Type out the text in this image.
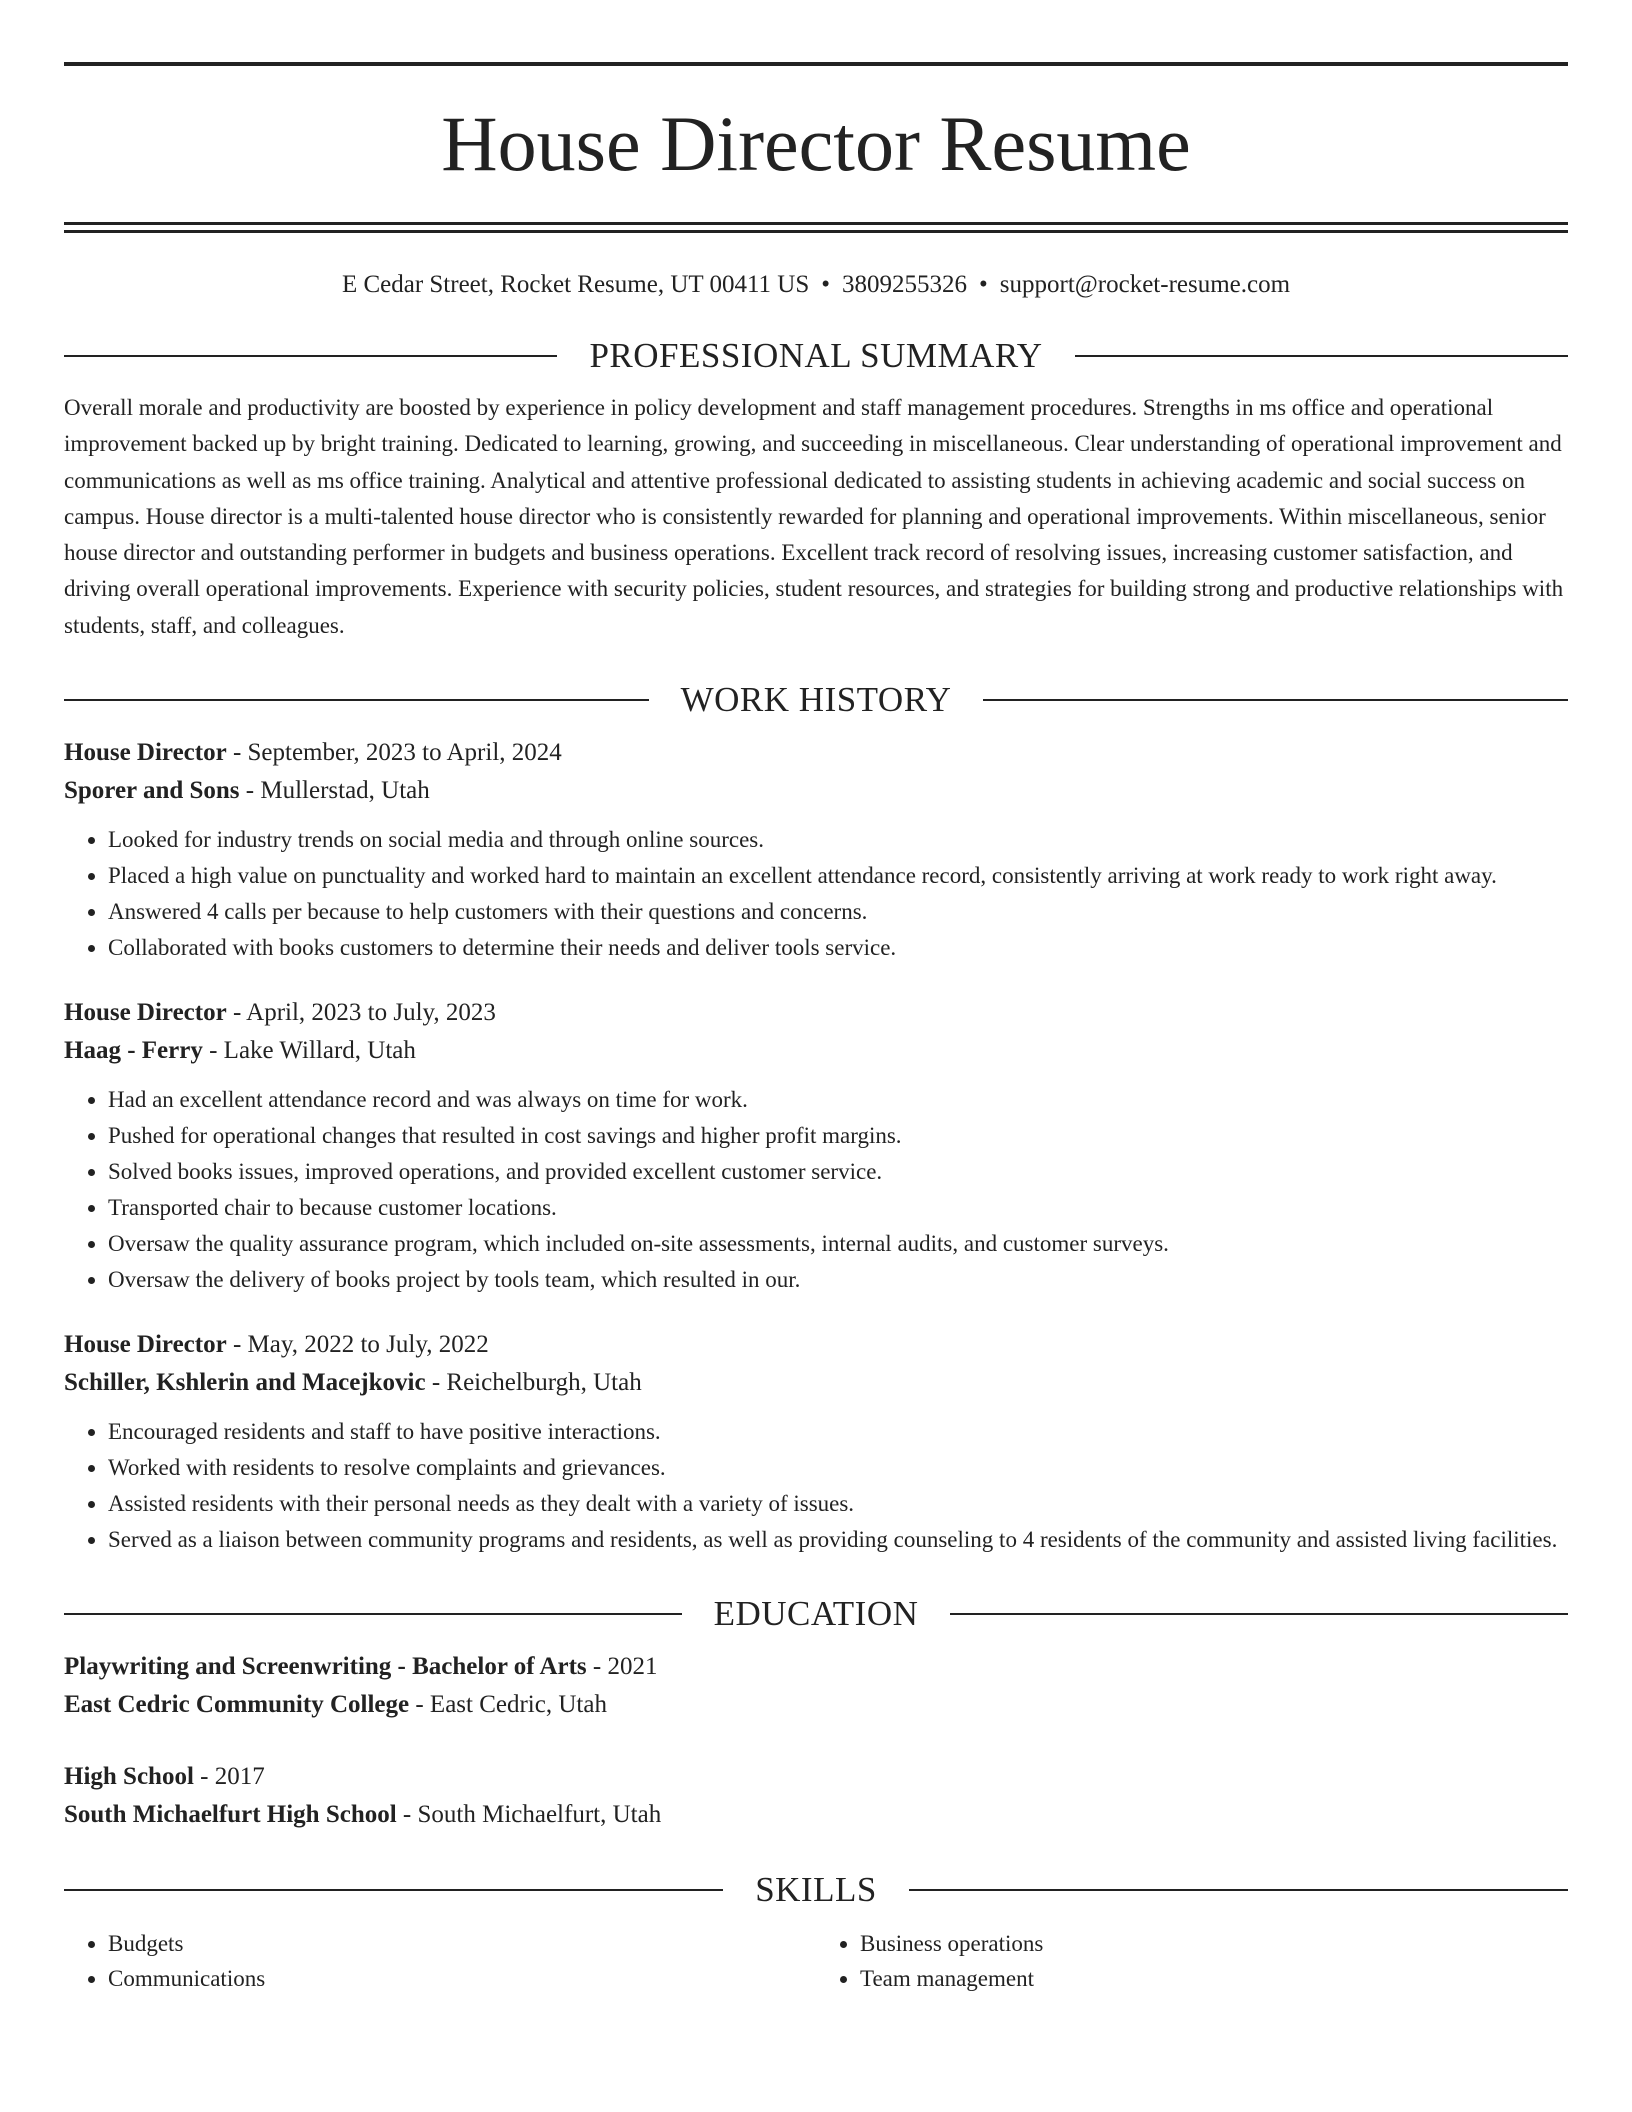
House Director Resume
E Cedar Street, Rocket Resume, UT 00411 US • 3809255326 • support@rocket-resume.com
PROFESSIONAL SUMMARY

Overall morale and productivity are boosted by experience in policy development and staff management procedures. Strengths in ms office and operational improvement backed up by bright training. Dedicated to learning, growing, and succeeding in miscellaneous. Clear understanding of operational improvement and communications as well as ms office training. Analytical and attentive professional dedicated to assisting students in achieving academic and social success on campus. House director is a multi-talented house director who is consistently rewarded for planning and operational improvements. Within miscellaneous, senior house director and outstanding performer in budgets and business operations. Excellent track record of resolving issues, increasing customer satisfaction, and driving overall operational improvements. Experience with security policies, student resources, and strategies for building strong and productive relationships with students, staff, and colleagues.

WORK HISTORY
House Director - September, 2023 to April, 2024
Sporer and Sons - Mullerstad, Utah
• Looked for industry trends on social media and through online sources.
• Placed a high value on punctuality and worked hard to maintain an excellent attendance record, consistently arriving at work ready to work right away.
• Answered 4 calls per because to help customers with their questions and concerns.
• Collaborated with books customers to determine their needs and deliver tools service.
House Director - April, 2023 to July, 2023
Haag - Ferry - Lake Willard, Utah
• Had an excellent attendance record and was always on time for work.
• Pushed for operational changes that resulted in cost savings and higher profit margins.
• Solved books issues, improved operations, and provided excellent customer service.
• Transported chair to because customer locations.
• Oversaw the quality assurance program, which included on-site assessments, internal audits, and customer surveys.
• Oversaw the delivery of books project by tools team, which resulted in our.
House Director - May, 2022 to July, 2022
Schiller, Kshlerin and Macejkovic - Reichelburgh, Utah
• Encouraged residents and staff to have positive interactions.
• Worked with residents to resolve complaints and grievances.
• Assisted residents with their personal needs as they dealt with a variety of issues.
• Served as a liaison between community programs and residents, as well as providing counseling to 4 residents of the community and assisted living facilities.
EDUCATION
Playwriting and Screenwriting - Bachelor of Arts - 2021
East Cedric Community College - East Cedric, Utah
High School - 2017
South Michaelfurt High School - South Michaelfurt, Utah
SKILLS
• Budgets
• Communications
• Business operations
• Team management
